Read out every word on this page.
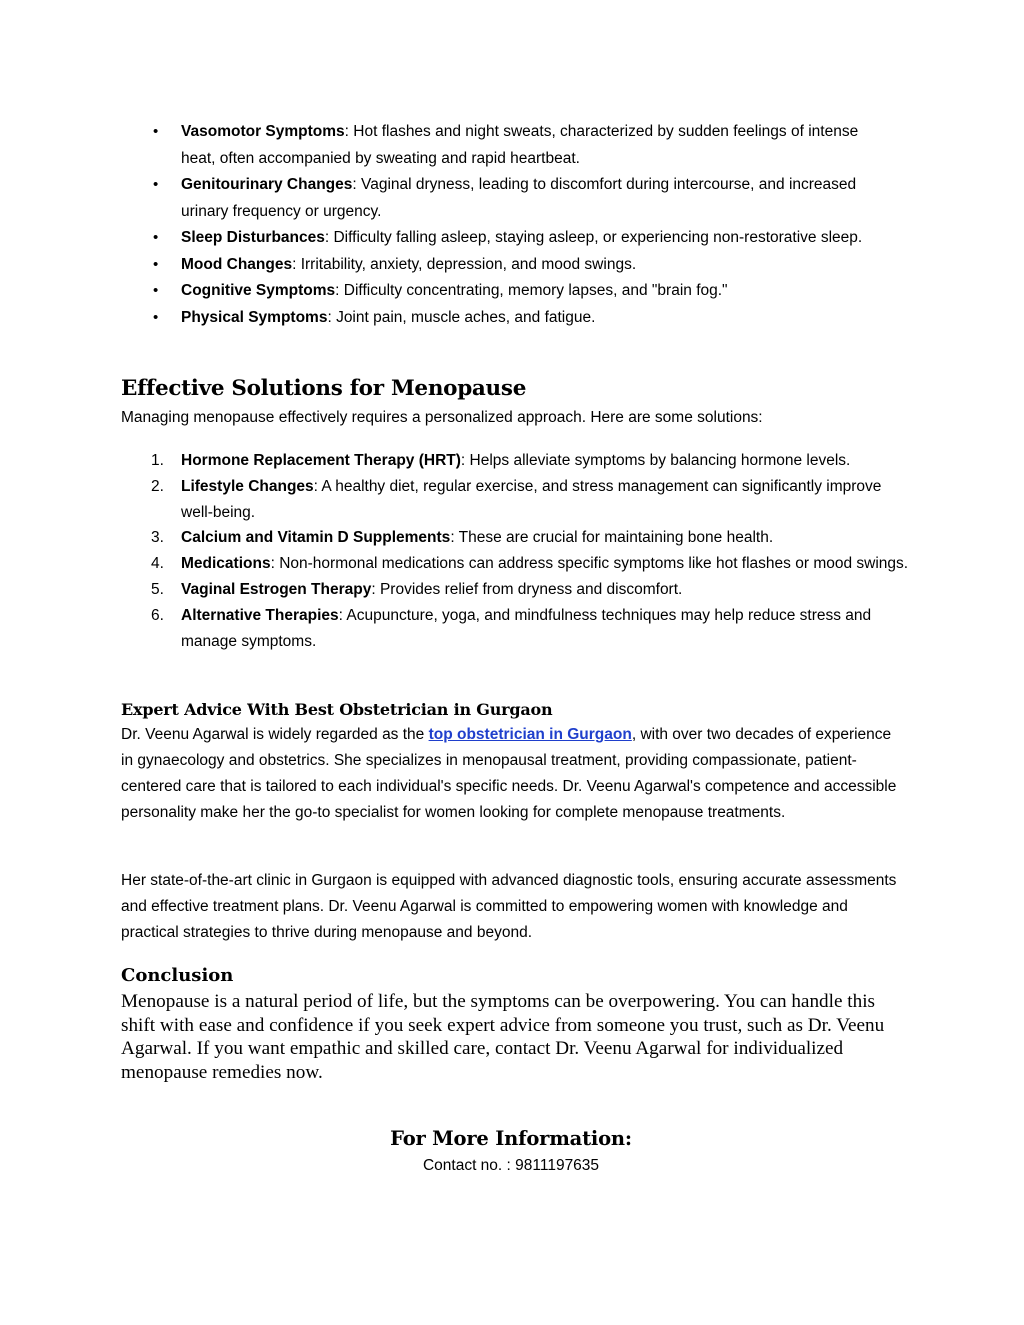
• Vasomotor Symptoms: Hot flashes and night sweats, characterized by sudden feelings of intense heat, often accompanied by sweating and rapid heartbeat.
• Genitourinary Changes: Vaginal dryness, leading to discomfort during intercourse, and increased urinary frequency or urgency.
• Sleep Disturbances: Difficulty falling asleep, staying asleep, or experiencing non-restorative sleep.
• Mood Changes: Irritability, anxiety, depression, and mood swings.
• Cognitive Symptoms: Difficulty concentrating, memory lapses, and "brain fog."
• Physical Symptoms: Joint pain, muscle aches, and fatigue.
Effective Solutions for Menopause
Managing menopause effectively requires a personalized approach. Here are some solutions:
1. Hormone Replacement Therapy (HRT): Helps alleviate symptoms by balancing hormone levels.
2. Lifestyle Changes: A healthy diet, regular exercise, and stress management can significantly improve well-being.
3. Calcium and Vitamin D Supplements: These are crucial for maintaining bone health.
4. Medications: Non-hormonal medications can address specific symptoms like hot flashes or mood swings.
5. Vaginal Estrogen Therapy: Provides relief from dryness and discomfort.
6. Alternative Therapies: Acupuncture, yoga, and mindfulness techniques may help reduce stress and manage symptoms.
Expert Advice With Best Obstetrician in Gurgaon

Dr. Veenu Agarwal is widely regarded as the top obstetrician in Gurgaon, with over two decades of experience in gynaecology and obstetrics. She specializes in menopausal treatment, providing compassionate, patient-centered care that is tailored to each individual's specific needs. Dr. Veenu Agarwal's competence and accessible personality make her the go-to specialist for women looking for complete menopause treatments.

Her state-of-the-art clinic in Gurgaon is equipped with advanced diagnostic tools, ensuring accurate assessments and effective treatment plans. Dr. Veenu Agarwal is committed to empowering women with knowledge and practical strategies to thrive during menopause and beyond.

Conclusion

Menopause is a natural period of life, but the symptoms can be overpowering. You can handle this shift with ease and confidence if you seek expert advice from someone you trust, such as Dr. Veenu Agarwal. If you want empathic and skilled care, contact Dr. Veenu Agarwal for individualized menopause remedies now.

For More Information:
Contact no. : 9811197635
